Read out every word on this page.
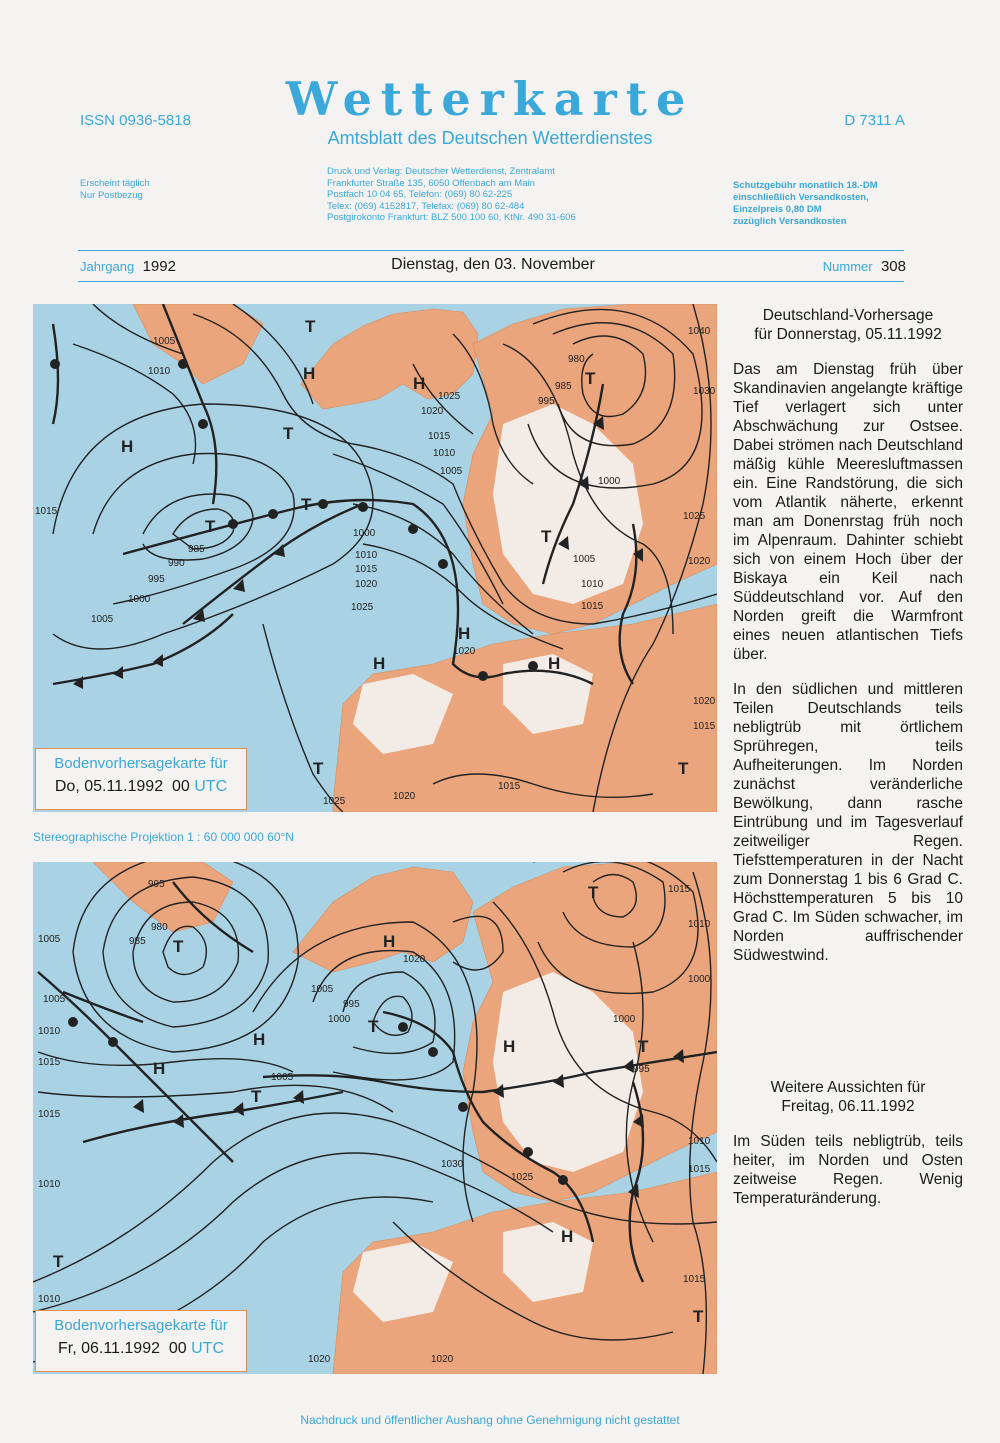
ISSN 0936-5818	Wetterkarte
Amtsblatt des Deutschen Wetterdienstes
D 7311 A
Erscheint täglich
Nur Postbezug
Druck und Verlag: Deutscher Wetterdienst, Zentralamt
Frankfurter Straße 135, 6050 Offenbach am Main
Postfach 10 04 65, Telefon: (069) 80 62-225
Telex: (069) 4152817, Telefax: (069) 80 62-484
Postgirokonto Frankfurt: BLZ 500 100 60, KtNr. 490 31-606
Schutzgebühr monatlich 18.-DM
einschließlich Versandkosten,
Einzelpreis 0,80 DM
zuzüglich Versandkosten
Jahrgang 1992	Dienstag, den 03. November	Nummer 308
H
H
H
H
H	H
T
T
T
T
T
T
T	T
1005
1010
1015
985
990
995
1000
1005
1000
1010
1015
1020
1025
1025
1020
1015
1010
1005
980
985
995
1000
1005
1010
1015
1020
1025
1040
1030
1020
1020
1015
1015
1020
1025
Bodenvorhersagekarte für
Do, 05.11.1992 00 UTC
Stereographische Projektion 1 : 60 000 000 60°N
H
H
H
H
H
T
T
T
T
T
T
995
980
985
1005
1005
1010
1015
1015
1010
1010
1005
995
1000
1005
1020
1000
995
1015
1010
1010
1015
1030
1025
1020	1020
1000
1015
T
Bodenvorhersagekarte für
Fr, 06.11.1992 00 UTC
Deutschland-Vorhersage
für Donnerstag, 05.11.1992
Das am Dienstag früh über Skandinavien angelangte kräftige Tief verlagert sich unter Abschwächung zur Ostsee. Dabei strömen nach Deutschland mäßig kühle Meeresluftmassen ein. Eine Randstörung, die sich vom Atlantik näherte, erkennt man am Donenrstag früh noch im Alpenraum. Dahinter schiebt sich von einem Hoch über der Biskaya ein Keil nach Süddeutschland vor. Auf den Norden greift die Warmfront eines neuen atlantischen Tiefs über.
In den südlichen und mittleren Teilen Deutschlands teils nebligtrüb mit örtlichem Sprühregen, teils Aufheiterungen. Im Norden zunächst veränderliche Bewölkung, dann rasche Eintrübung und im Tagesverlauf zeitweiliger Regen. Tiefsttemperaturen in der Nacht zum Donnerstag 1 bis 6 Grad C. Höchsttemperaturen 5 bis 10 Grad C. Im Süden schwacher, im Norden auffrischender Südwestwind.
Weitere Aussichten für
Freitag, 06.11.1992
Im Süden teils nebligtrüb, teils heiter, im Norden und Osten zeitweise Regen. Wenig Temperaturänderung.
Nachdruck und öffentlicher Aushang ohne Genehmigung nicht gestattet
